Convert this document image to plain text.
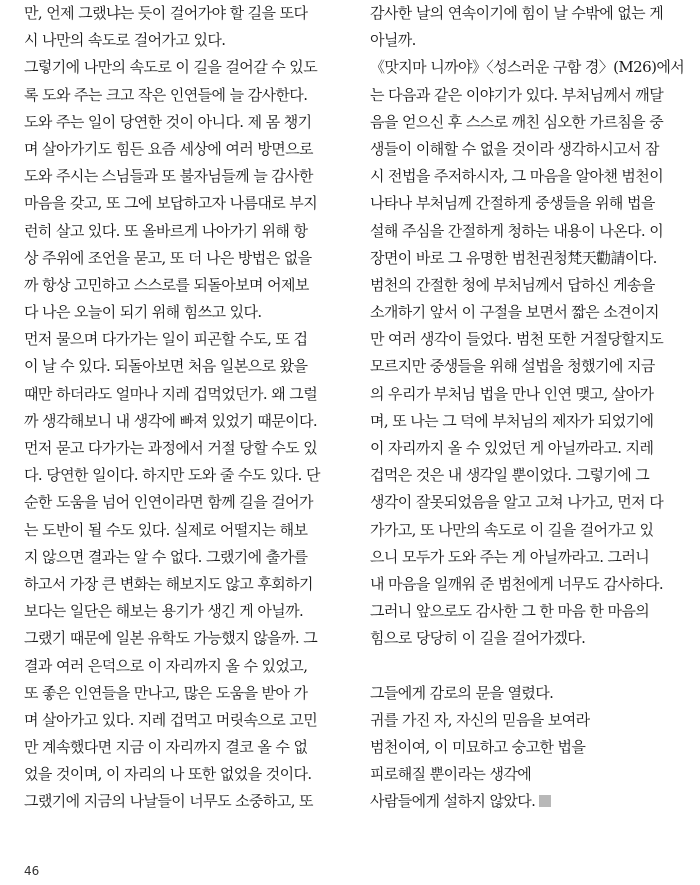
만, 언제 그랬냐는 듯이 걸어가야 할 길을 또다
시 나만의 속도로 걸어가고 있다.
그렇기에 나만의 속도로 이 길을 걸어갈 수 있도
록 도와 주는 크고 작은 인연들에 늘 감사한다.
도와 주는 일이 당연한 것이 아니다. 제 몸 챙기
며 살아가기도 힘든 요즘 세상에 여러 방면으로
도와 주시는 스님들과 또 불자님들께 늘 감사한
마음을 갖고, 또 그에 보답하고자 나름대로 부지
런히 살고 있다. 또 올바르게 나아가기 위해 항
상 주위에 조언을 묻고, 또 더 나은 방법은 없을
까 항상 고민하고 스스로를 되돌아보며 어제보
다 나은 오늘이 되기 위해 힘쓰고 있다.
먼저 물으며 다가가는 일이 피곤할 수도, 또 겁
이 날 수 있다. 되돌아보면 처음 일본으로 왔을
때만 하더라도 얼마나 지레 겁먹었던가. 왜 그럴
까 생각해보니 내 생각에 빠져 있었기 때문이다.
먼저 묻고 다가가는 과정에서 거절 당할 수도 있
다. 당연한 일이다. 하지만 도와 줄 수도 있다. 단
순한 도움을 넘어 인연이라면 함께 길을 걸어가
는 도반이 될 수도 있다. 실제로 어떨지는 해보
지 않으면 결과는 알 수 없다. 그랬기에 출가를
하고서 가장 큰 변화는 해보지도 않고 후회하기
보다는 일단은 해보는 용기가 생긴 게 아닐까.
그랬기 때문에 일본 유학도 가능했지 않을까. 그
결과 여러 은덕으로 이 자리까지 올 수 있었고,
또 좋은 인연들을 만나고, 많은 도움을 받아 가
며 살아가고 있다. 지레 겁먹고 머릿속으로 고민
만 계속했다면 지금 이 자리까지 결코 올 수 없
었을 것이며, 이 자리의 나 또한 없었을 것이다.
그랬기에 지금의 나날들이 너무도 소중하고, 또
감사한 날의 연속이기에 힘이 날 수밖에 없는 게
아닐까.
《맛지마 니까야》〈성스러운 구함 경〉(M26)에서
는 다음과 같은 이야기가 있다. 부처님께서 깨달
음을 얻으신 후 스스로 깨친 심오한 가르침을 중
생들이 이해할 수 없을 것이라 생각하시고서 잠
시 전법을 주저하시자, 그 마음을 알아챈 범천이
나타나 부처님께 간절하게 중생들을 위해 법을
설해 주심을 간절하게 청하는 내용이 나온다. 이
장면이 바로 그 유명한 범천권청梵天勸請이다.
범천의 간절한 청에 부처님께서 답하신 게송을
소개하기 앞서 이 구절을 보면서 짧은 소견이지
만 여러 생각이 들었다. 범천 또한 거절당할지도
모르지만 중생들을 위해 설법을 청했기에 지금
의 우리가 부처님 법을 만나 인연 맺고, 살아가
며, 또 나는 그 덕에 부처님의 제자가 되었기에
이 자리까지 올 수 있었던 게 아닐까라고. 지레
겁먹은 것은 내 생각일 뿐이었다. 그렇기에 그
생각이 잘못되었음을 알고 고쳐 나가고, 먼저 다
가가고, 또 나만의 속도로 이 길을 걸어가고 있
으니 모두가 도와 주는 게 아닐까라고. 그러니
내 마음을 일깨워 준 범천에게 너무도 감사하다.
그러니 앞으로도 감사한 그 한 마음 한 마음의
힘으로 당당히 이 길을 걸어가겠다.
그들에게 감로의 문을 열렸다.
귀를 가진 자, 자신의 믿음을 보여라
범천이여, 이 미묘하고 숭고한 법을
피로해질 뿐이라는 생각에
사람들에게 설하지 않았다.
46
